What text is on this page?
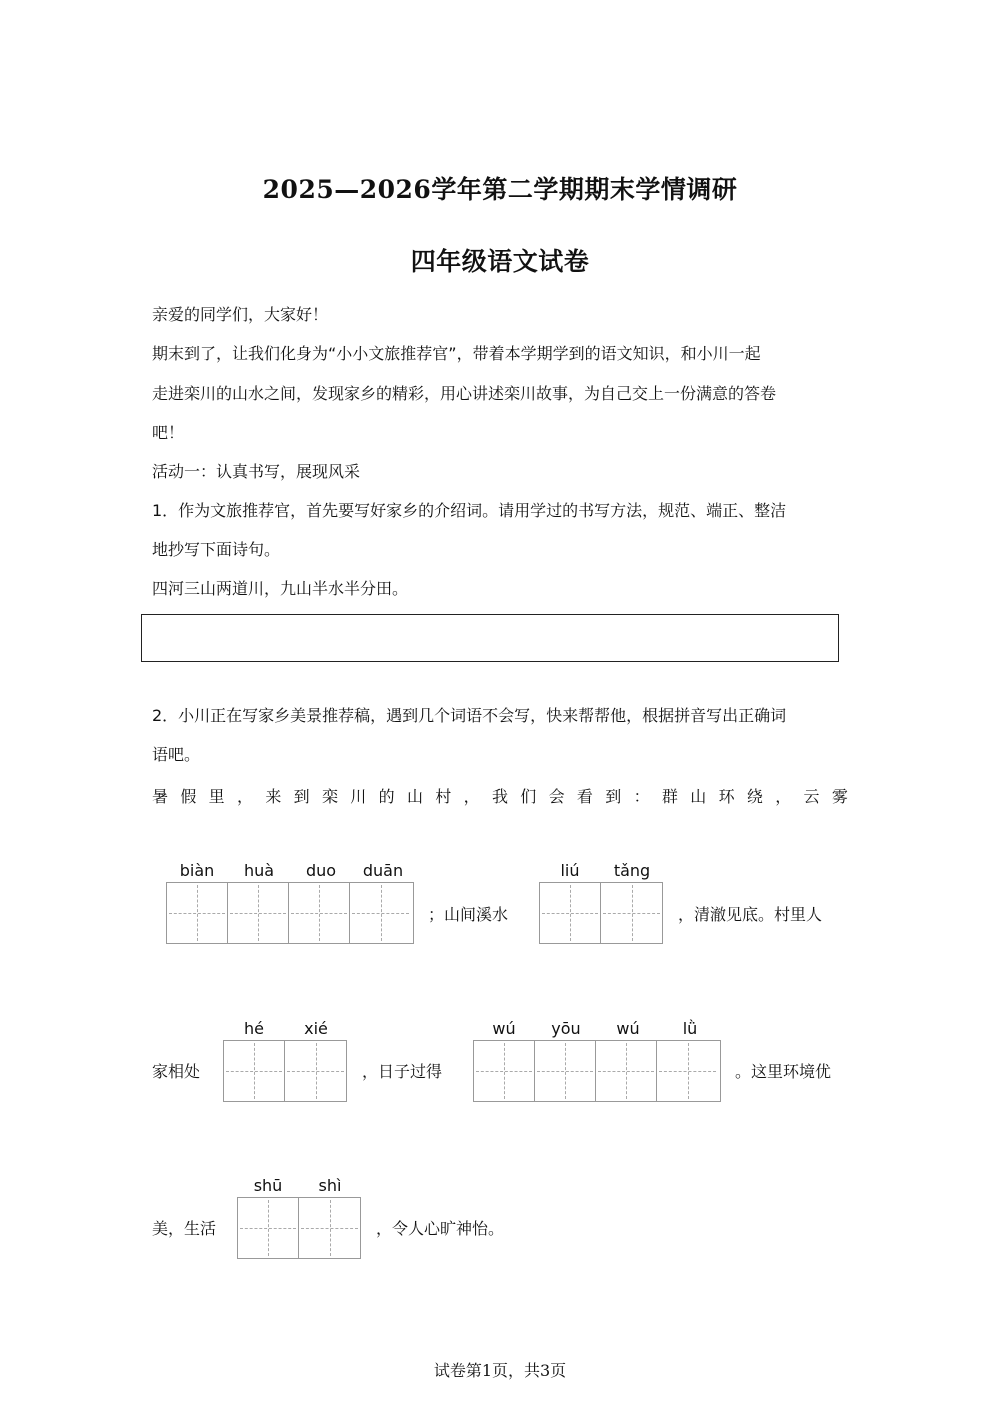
2025—2026学年第二学期期末学情调研
四年级语文试卷
亲爱的同学们，大家好！
期末到了，让我们化身为“小小文旅推荐官”，带着本学期学到的语文知识，和小川一起
走进栾川的山水之间，发现家乡的精彩，用心讲述栾川故事，为自己交上一份满意的答卷
吧！
活动一：认真书写，展现风采
1．作为文旅推荐官，首先要写好家乡的介绍词。请用学过的书写方法，规范、端正、整洁
地抄写下面诗句。
四河三山两道川，九山半水半分田。
2．小川正在写家乡美景推荐稿，遇到几个词语不会写，快来帮帮他，根据拼音写出正确词
语吧。
暑 假 里 ， 来 到 栾 川 的 山 村 ， 我 们 会 看 到 ： 群 山 环 绕 ， 云 雾
biàn	huà	duo	duān
；山间溪水
liú	tǎng
，清澈见底。村里人
家相处
hé	xié
，日子过得
wú	yōu	wú	lǜ
。这里环境优
美，生活
shū	shì
，令人心旷神怡。
试卷第1页，共3页
